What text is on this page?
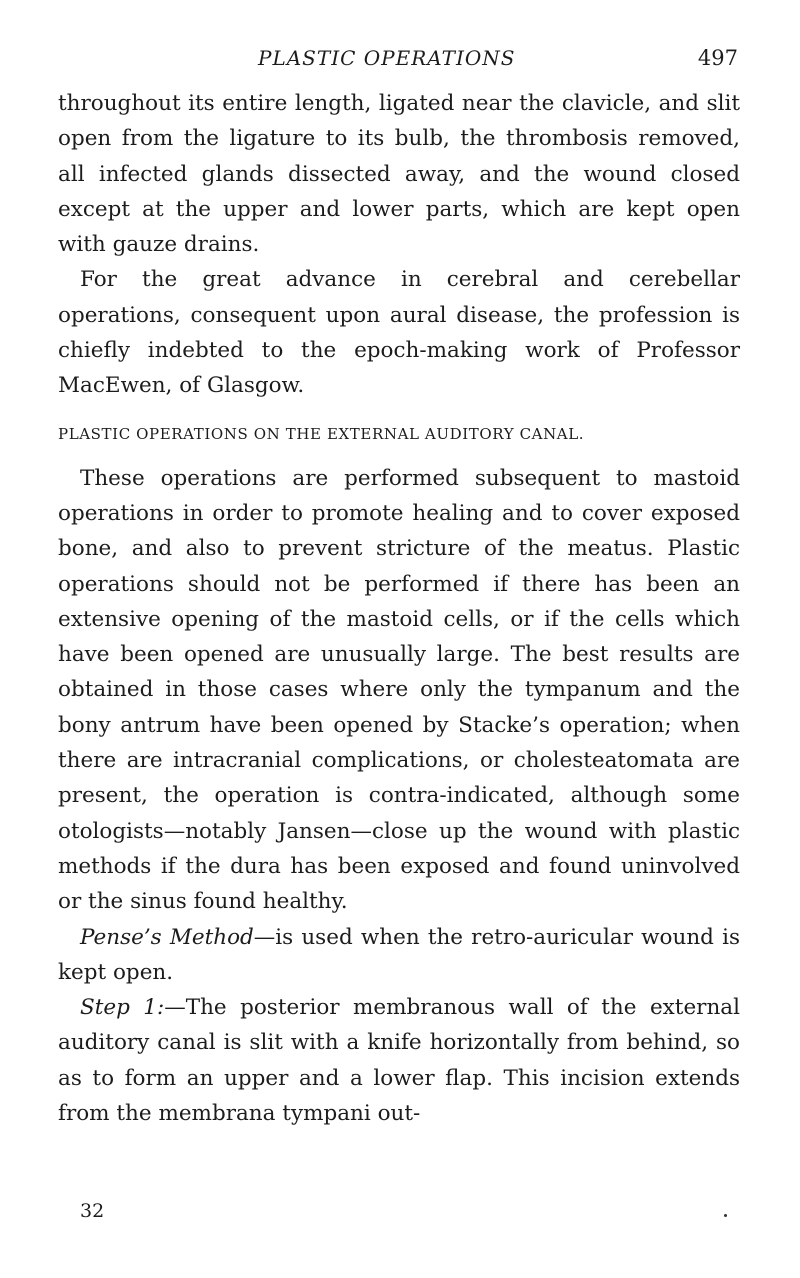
PLASTIC OPERATIONS	497

throughout its entire length, ligated near the clavicle, and slit open from the ligature to its bulb, the thrombosis removed, all infected glands dissected away, and the wound closed except at the upper and lower parts, which are kept open with gauze drains.

For the great advance in cerebral and cerebellar operations, consequent upon aural disease, the profession is chiefly indebted to the epoch-making work of Professor MacEwen, of Glasgow.

PLASTIC OPERATIONS ON THE EXTERNAL AUDITORY CANAL.

These operations are performed subsequent to mastoid operations in order to promote healing and to cover exposed bone, and also to prevent stricture of the meatus. Plastic operations should not be performed if there has been an extensive opening of the mastoid cells, or if the cells which have been opened are unusually large. The best results are obtained in those cases where only the tympanum and the bony antrum have been opened by Stacke’s operation; when there are intracranial complications, or cholesteatomata are present, the operation is contra-indicated, although some otologists—notably Jansen—close up the wound with plastic methods if the dura has been exposed and found uninvolved or the sinus found healthy.

Pense’s Method—is used when the retro-auricular wound is kept open.

Step 1:—The posterior membranous wall of the external auditory canal is slit with a knife horizontally from behind, so as to form an upper and a lower flap. This incision extends from the membrana tympani out-

32
